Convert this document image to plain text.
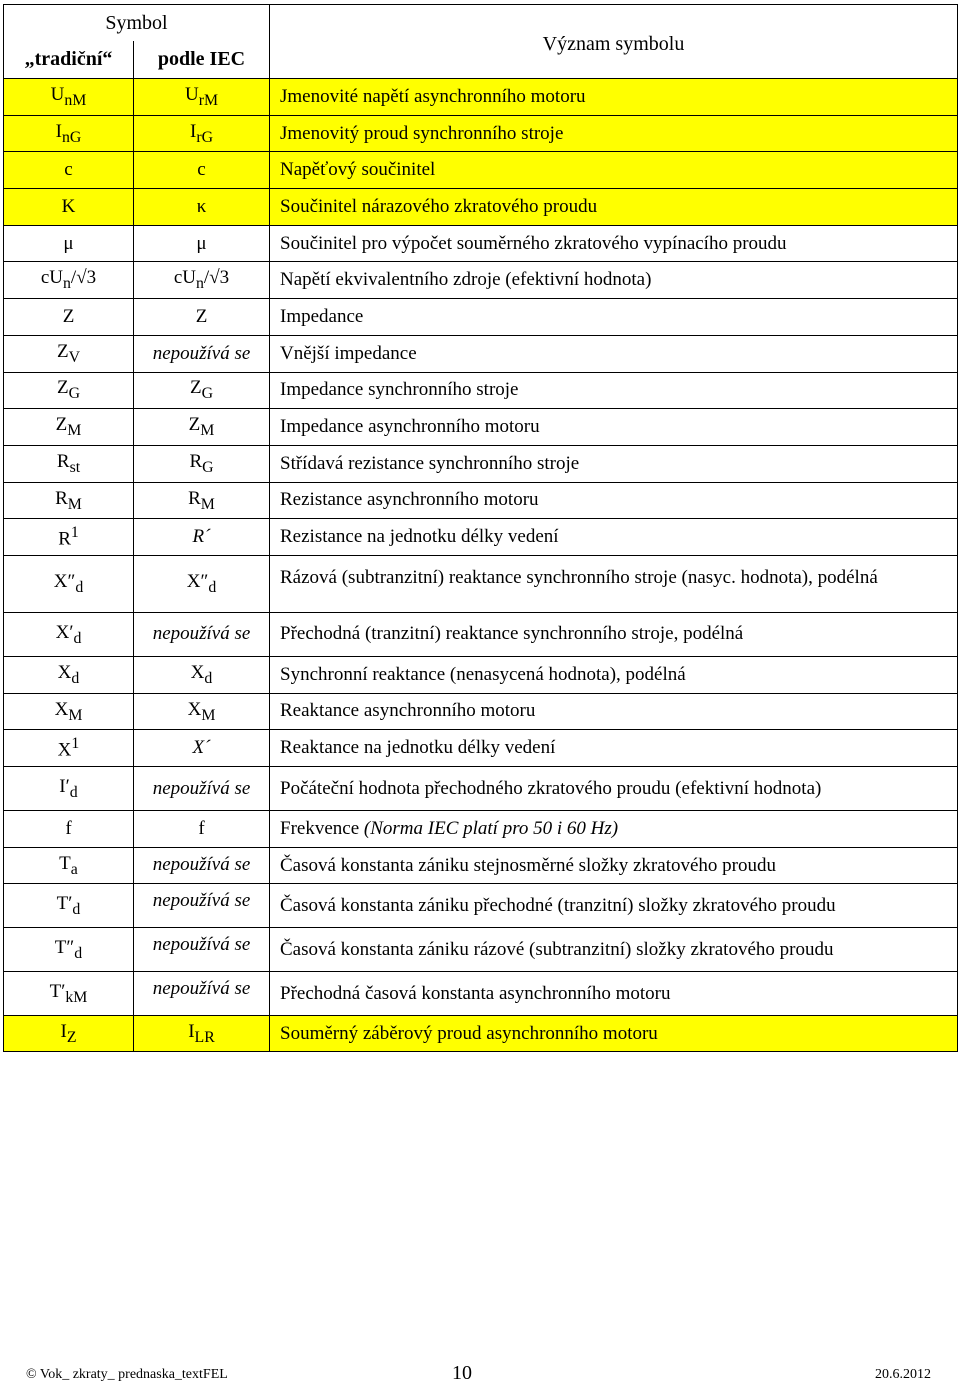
Symbol		Význam symbolu
„tradiční“	podle IEC	
$U_{nM}$	$U_{rM}$	Jmenovité napětí asynchronního motoru
$I_{nG}$	$I_{rG}$	Jmenovitý proud synchronního stroje
c	c	Napěťový součinitel
K	κ	Součinitel nárazového zkratového proudu
μ	μ	Součinitel pro výpočet souměrného zkratového vypínacího proudu
$cU_n/√3$	$cU_n/√3$	Napětí ekvivalentního zdroje (efektivní hodnota)
Z	Z	Impedance
$Z_V$	nepoužívá se	Vnější impedance
$Z_G$	$Z_G$	Impedance synchronního stroje
$Z_M$	$Z_M$	Impedance asynchronního motoru
$R_{st}$	$R_G$	Střídavá rezistance synchronního stroje
$R_M$	$R_M$	Rezistance asynchronního motoru
$R^1$	R´	Rezistance na jednotku délky vedení
$X''_d$	$X''_d$	Rázová (subtranzitní) reaktance synchronního stroje (nasyc. hodnota), podélná
$X'_d$	nepoužívá se	Přechodná (tranzitní) reaktance synchronního stroje, podélná
$X_d$	$X_d$	Synchronní reaktance (nenasycená hodnota), podélná
$X_M$	$X_M$	Reaktance asynchronního motoru
$X^1$	X´	Reaktance na jednotku délky vedení
$I'_d$	nepoužívá se	Počáteční hodnota přechodného zkratového proudu (efektivní hodnota)
f	f	Frekvence (Norma IEC platí pro 50 i 60 Hz)
$T_a$	nepoužívá se	Časová konstanta zániku stejnosměrné složky zkratového proudu
$T'_d$	nepoužívá se	Časová konstanta zániku přechodné (tranzitní) složky zkratového proudu
$T''_d$	nepoužívá se	Časová konstanta zániku rázové (subtranzitní) složky zkratového proudu
$T'_{kM}$	nepoužívá se	Přechodná časová konstanta asynchronního motoru
$I_Z$	$I_{LR}$	Souměrný záběrový proud asynchronního motoru
© Vok_ zkraty_ prednaska_textFEL	10	20.6.2012
